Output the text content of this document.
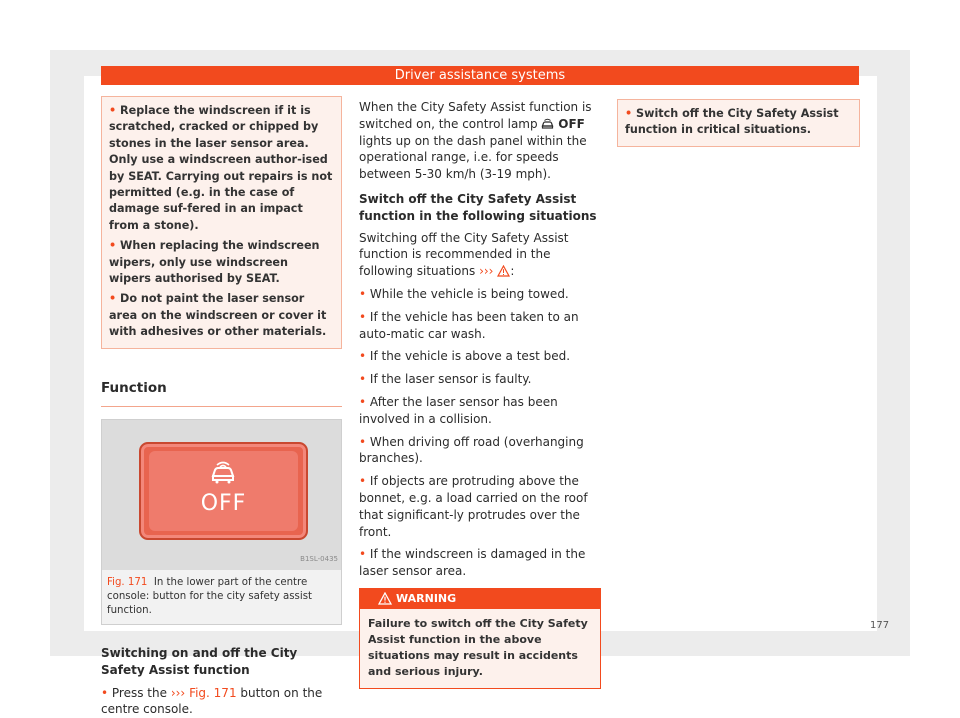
Driver assistance systems

• Replace the windscreen if it is scratched, cracked or chipped by stones in the laser sensor area. Only use a windscreen author-ised by SEAT. Carrying out repairs is not permitted (e.g. in the case of damage suf-fered in an impact from a stone).

• When replacing the windscreen wipers, only use windscreen wipers authorised by SEAT.

• Do not paint the laser sensor area on the windscreen or cover it with adhesives or other materials.

Function
OFF
B1SL-0435
Fig. 171 In the lower part of the centre console: button for the city safety assist function.
Switching on and off the City Safety Assist function
• Press the ››› Fig. 171 button on the centre console.

When the City Safety Assist function is switched on, the control lamp OFF lights up on the dash panel within the operational range, i.e. for speeds between 5-30 km/h (3-19 mph).

Switch off the City Safety Assist function in the following situations

Switching off the City Safety Assist function is recommended in the following situations ››› :

• While the vehicle is being towed.

• If the vehicle has been taken to an auto-matic car wash.

• If the vehicle is above a test bed.

• If the laser sensor is faulty.

• After the laser sensor has been involved in a collision.

• When driving off road (overhanging branches).

• If objects are protruding above the bonnet, e.g. a load carried on the roof that significant-ly protrudes over the front.

• If the windscreen is damaged in the laser sensor area.

WARNING
Failure to switch off the City Safety Assist function in the above situations may result in accidents and serious injury.

• Switch off the City Safety Assist function in critical situations.

177
